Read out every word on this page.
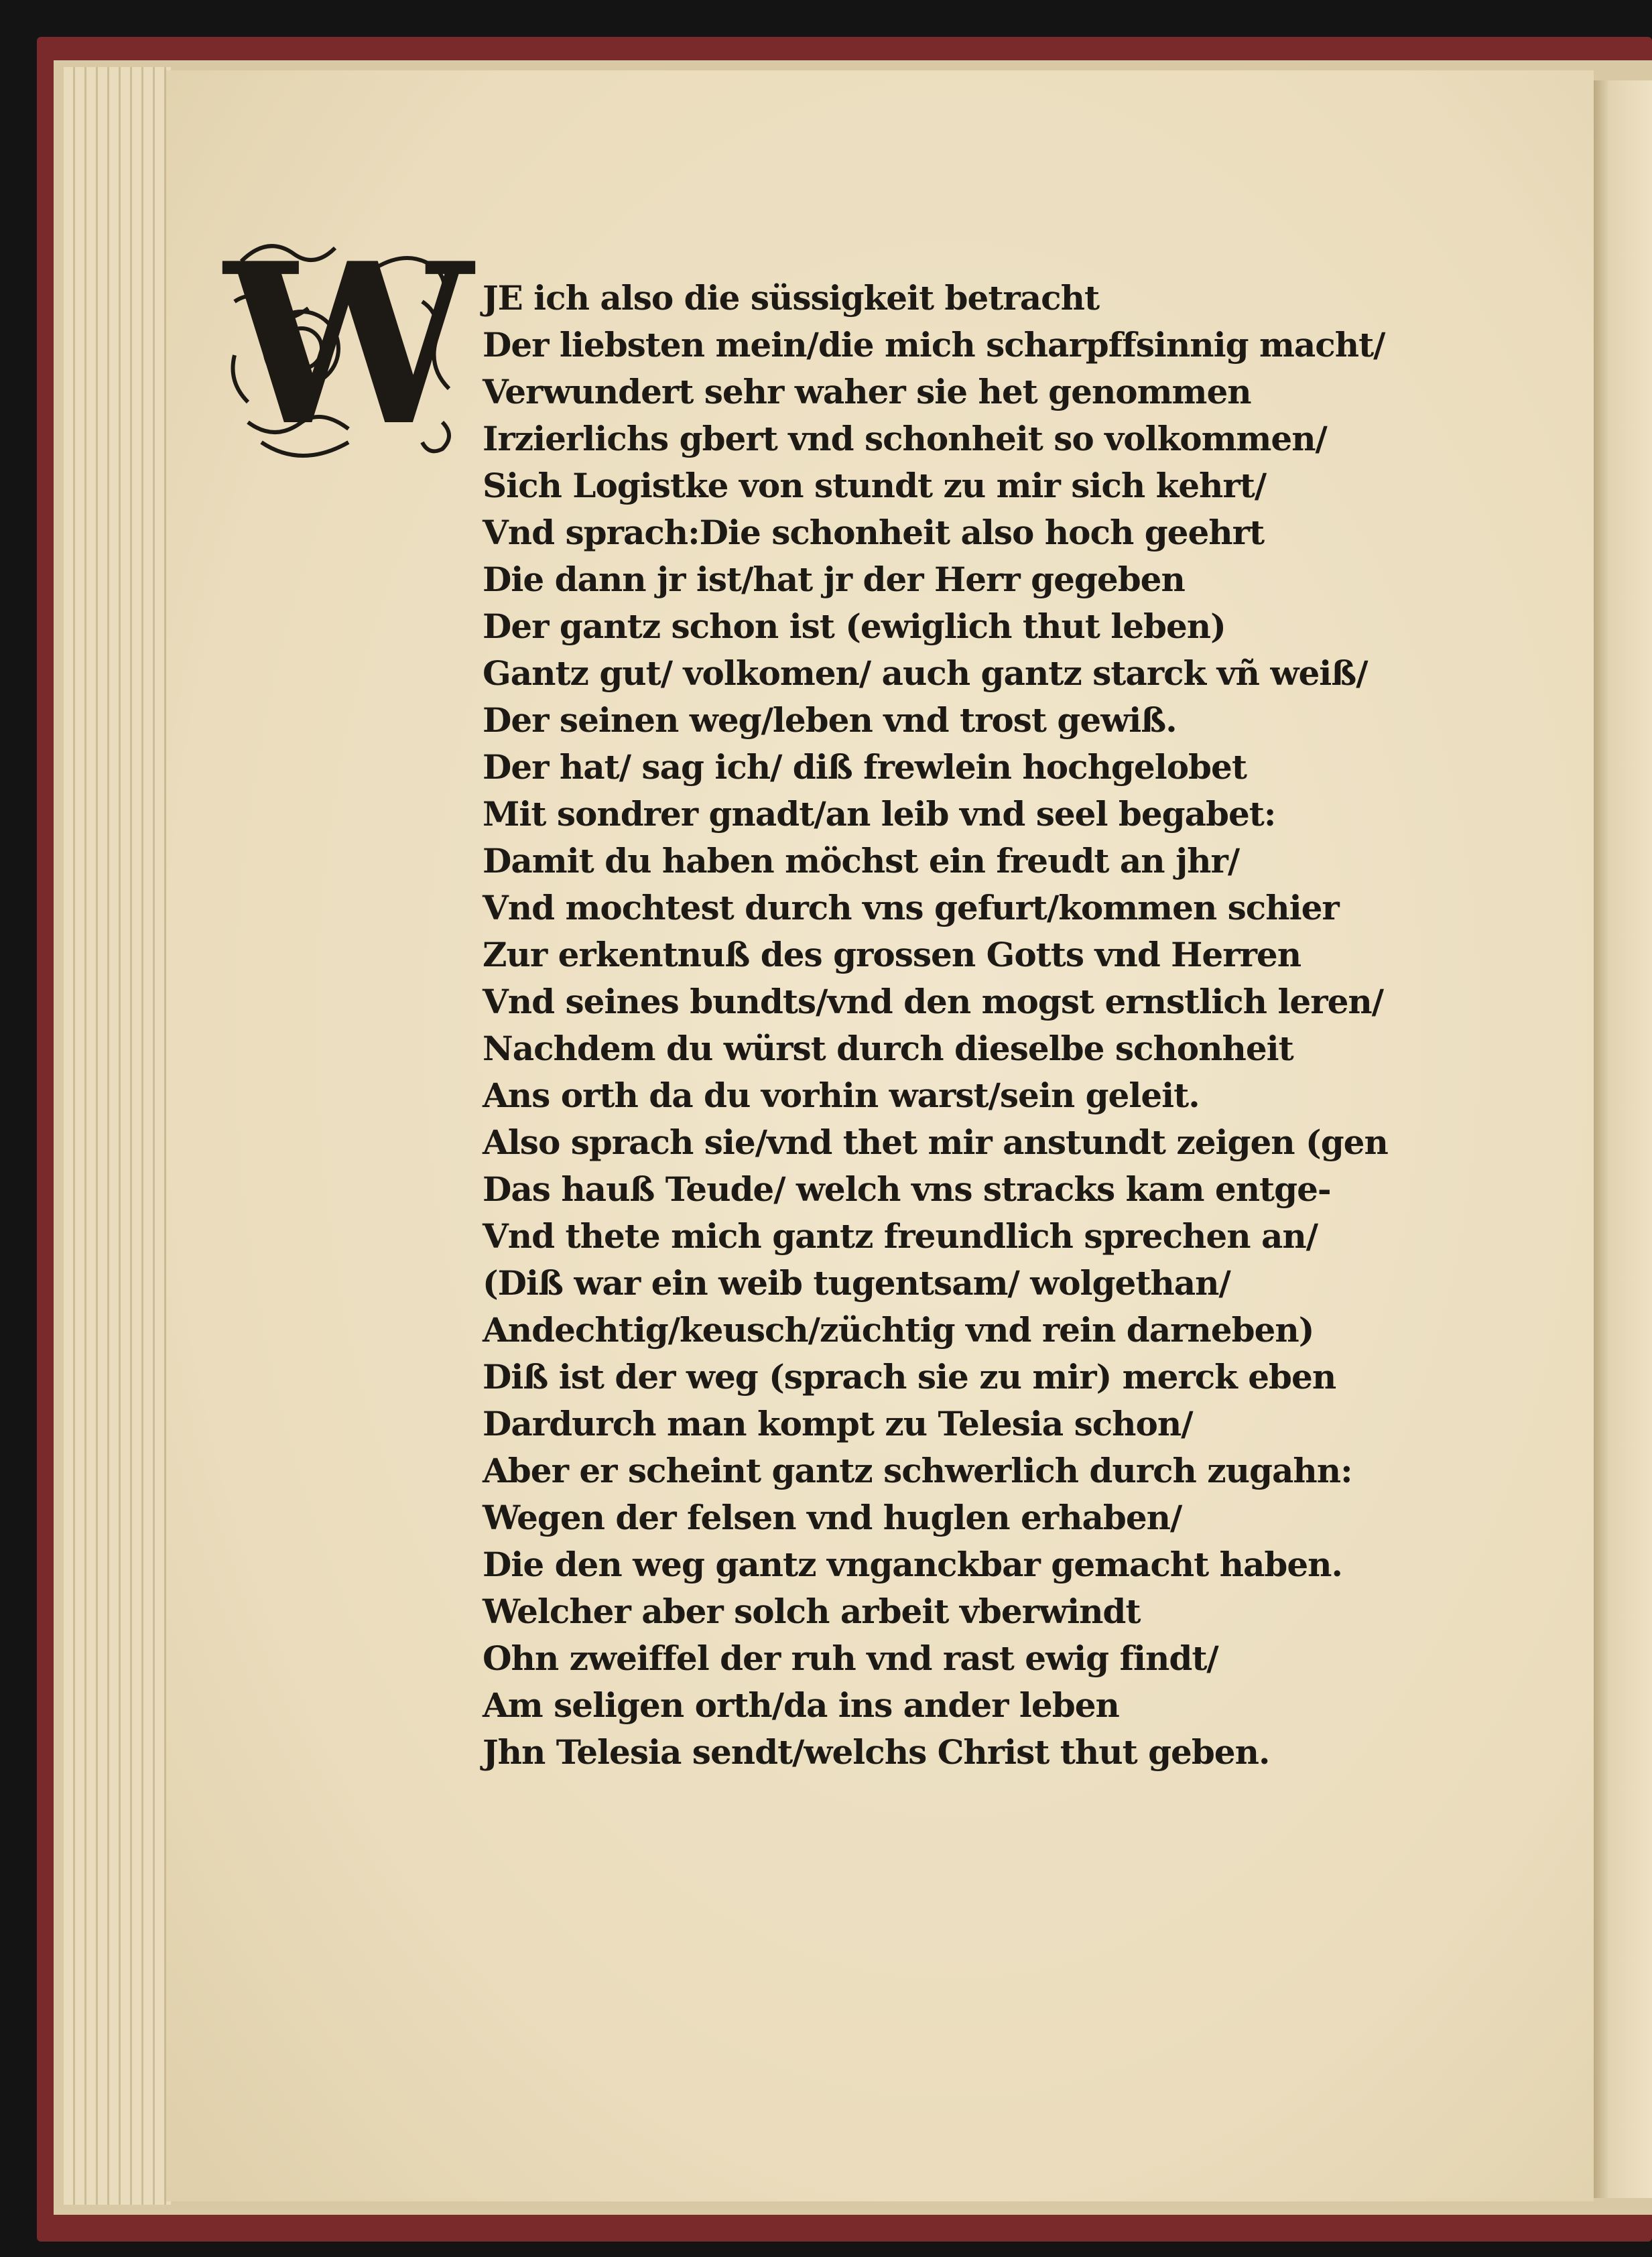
W JE ich also die süssigkeit betracht
Der liebsten mein/die mich scharpffsinnig macht/
Verwundert sehr waher sie het genommen
Irzierlichs gbert vnd schonheit so volkommen/
Sich Logistke von stundt zu mir sich kehrt/
Vnd sprach:Die schonheit also hoch geehrt
Die dann jr ist/hat jr der Herr gegeben
Der gantz schon ist (ewiglich thut leben)
Gantz gut/ volkomen/ auch gantz starck vñ weiß/
Der seinen weg/leben vnd trost gewiß.
Der hat/ sag ich/ diß frewlein hochgelobet
Mit sondrer gnadt/an leib vnd seel begabet:
Damit du haben möchst ein freudt an jhr/
Vnd mochtest durch vns gefurt/kommen schier
Zur erkentnuß des grossen Gotts vnd Herren
Vnd seines bundts/vnd den mogst ernstlich leren/
Nachdem du würst durch dieselbe schonheit
Ans orth da du vorhin warst/sein geleit.
Also sprach sie/vnd thet mir anstundt zeigen (gen
Das hauß Teude/ welch vns stracks kam entge-
Vnd thete mich gantz freundlich sprechen an/
(Diß war ein weib tugentsam/ wolgethan/
Andechtig/keusch/züchtig vnd rein darneben)
Diß ist der weg (sprach sie zu mir) merck eben
Dardurch man kompt zu Telesia schon/
Aber er scheint gantz schwerlich durch zugahn:
Wegen der felsen vnd huglen erhaben/
Die den weg gantz vnganckbar gemacht haben.
Welcher aber solch arbeit vberwindt
Ohn zweiffel der ruh vnd rast ewig findt/
Am seligen orth/da ins ander leben
Jhn Telesia sendt/welchs Christ thut geben.
